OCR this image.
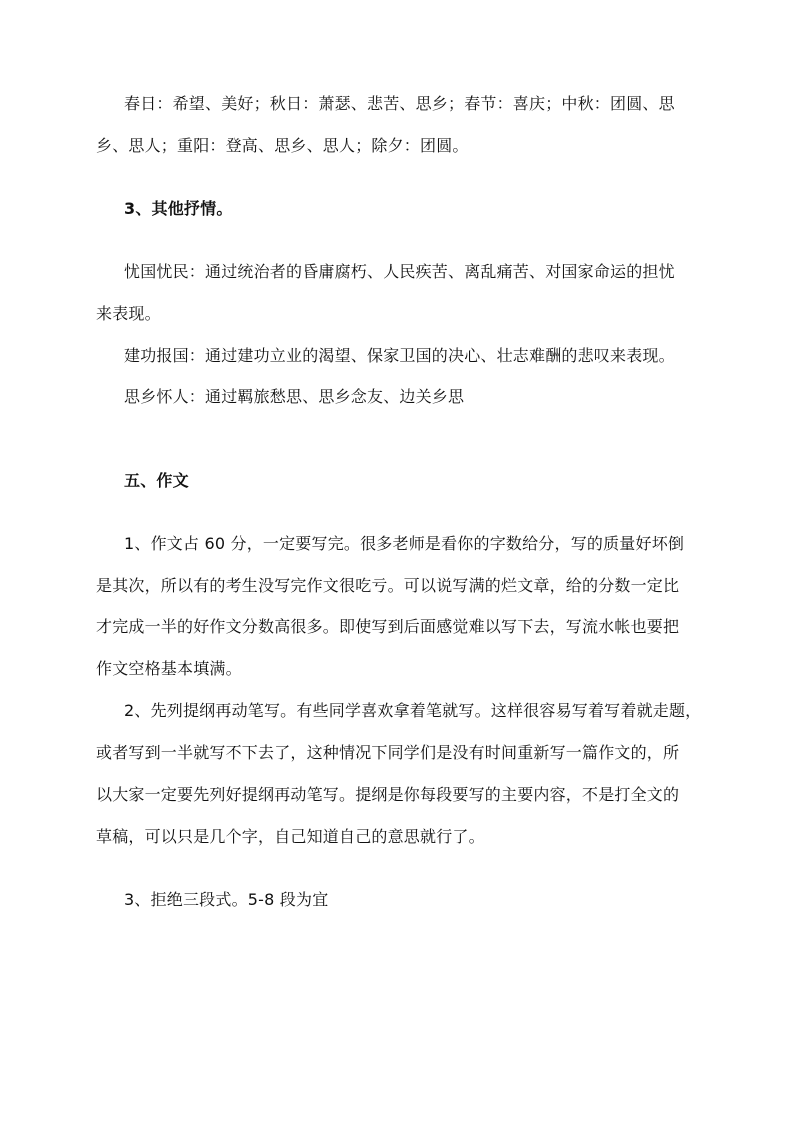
春日：希望、美好；秋日：萧瑟、悲苦、思乡；春节：喜庆；中秋：团圆、思
乡、思人；重阳：登高、思乡、思人；除夕：团圆。
3、其他抒情。
忧国忧民：通过统治者的昏庸腐朽、人民疾苦、离乱痛苦、对国家命运的担忧
来表现。
建功报国：通过建功立业的渴望、保家卫国的决心、壮志难酬的悲叹来表现。
思乡怀人：通过羁旅愁思、思乡念友、边关乡思
五、作文
1、作文占 60 分，一定要写完。很多老师是看你的字数给分，写的质量好坏倒
是其次，所以有的考生没写完作文很吃亏。可以说写满的烂文章，给的分数一定比
才完成一半的好作文分数高很多。即使写到后面感觉难以写下去，写流水帐也要把
作文空格基本填满。
2、先列提纲再动笔写。有些同学喜欢拿着笔就写。这样很容易写着写着就走题，
或者写到一半就写不下去了，这种情况下同学们是没有时间重新写一篇作文的，所
以大家一定要先列好提纲再动笔写。提纲是你每段要写的主要内容，不是打全文的
草稿，可以只是几个字，自己知道自己的意思就行了。
3、拒绝三段式。5-8 段为宜
